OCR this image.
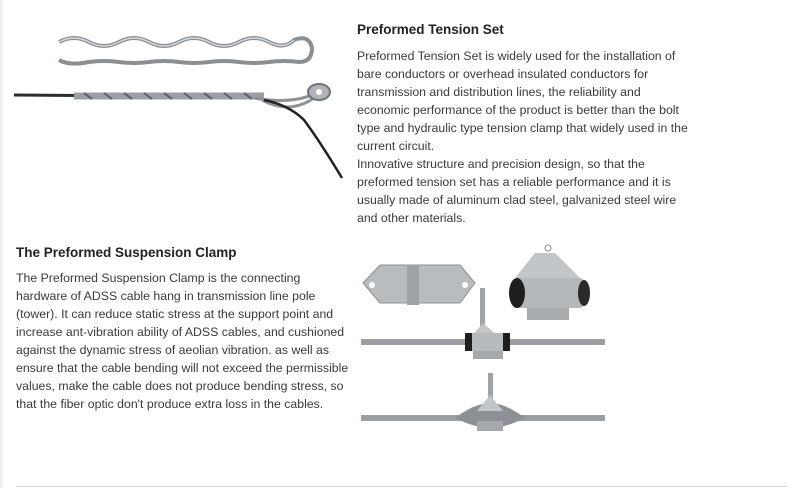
Preformed Tension Set
Preformed Tension Set is widely used for the installation of
bare conductors or overhead insulated conductors for
transmission and distribution lines, the reliability and
economic performance of the product is better than the bolt
type and hydraulic type tension clamp that widely used in the
current circuit.
Innovative structure and precision design, so that the
preformed tension set has a reliable performance and it is
usually made of aluminum clad steel, galvanized steel wire
and other materials.
The Preformed Suspension Clamp
The Preformed Suspension Clamp is the connecting
hardware of ADSS cable hang in transmission line pole
(tower). It can reduce static stress at the support point and
increase ant-vibration ability of ADSS cables, and cushioned
against the dynamic stress of aeolian vibration. as well as
ensure that the cable bending will not exceed the permissible
values, make the cable does not produce bending stress, so
that the fiber optic don't produce extra loss in the cables.
